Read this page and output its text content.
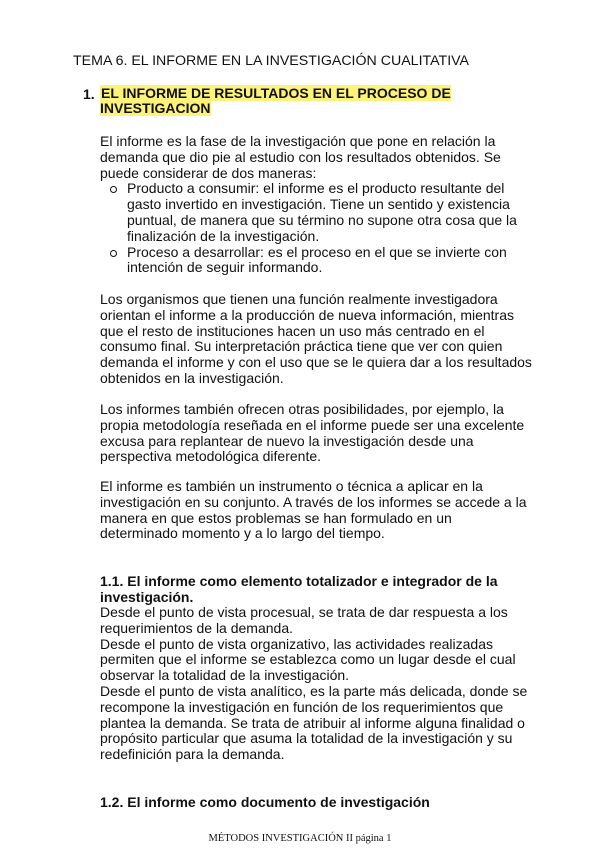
TEMA 6. EL INFORME EN LA INVESTIGACIÓN CUALITATIVA
1. EL INFORME DE RESULTADOS EN EL PROCESO DE INVESTIGACION

El informe es la fase de la investigación que pone en relación la demanda que dio pie al estudio con los resultados obtenidos. Se puede considerar de dos maneras:

Producto a consumir: el informe es el producto resultante del gasto invertido en investigación. Tiene un sentido y existencia puntual, de manera que su término no supone otra cosa que la finalización de la investigación.
Proceso a desarrollar: es el proceso en el que se invierte con intención de seguir informando.

Los organismos que tienen una función realmente investigadora orientan el informe a la producción de nueva información, mientras que el resto de instituciones hacen un uso más centrado en el consumo final. Su interpretación práctica tiene que ver con quien demanda el informe y con el uso que se le quiera dar a los resultados obtenidos en la investigación.

Los informes también ofrecen otras posibilidades, por ejemplo, la propia metodología reseñada en el informe puede ser una excelente excusa para replantear de nuevo la investigación desde una perspectiva metodológica diferente.

El informe es también un instrumento o técnica a aplicar en la investigación en su conjunto. A través de los informes se accede a la manera en que estos problemas se han formulado en un determinado momento y a lo largo del tiempo.

1.1. El informe como elemento totalizador e integrador de la investigación.

Desde el punto de vista procesual, se trata de dar respuesta a los requerimientos de la demanda.

Desde el punto de vista organizativo, las actividades realizadas permiten que el informe se establezca como un lugar desde el cual observar la totalidad de la investigación.

Desde el punto de vista analítico, es la parte más delicada, donde se recompone la investigación en función de los requerimientos que plantea la demanda. Se trata de atribuir al informe alguna finalidad o propósito particular que asuma la totalidad de la investigación y su redefinición para la demanda.

1.2. El informe como documento de investigación
MÉTODOS INVESTIGACIÓN II página 1
